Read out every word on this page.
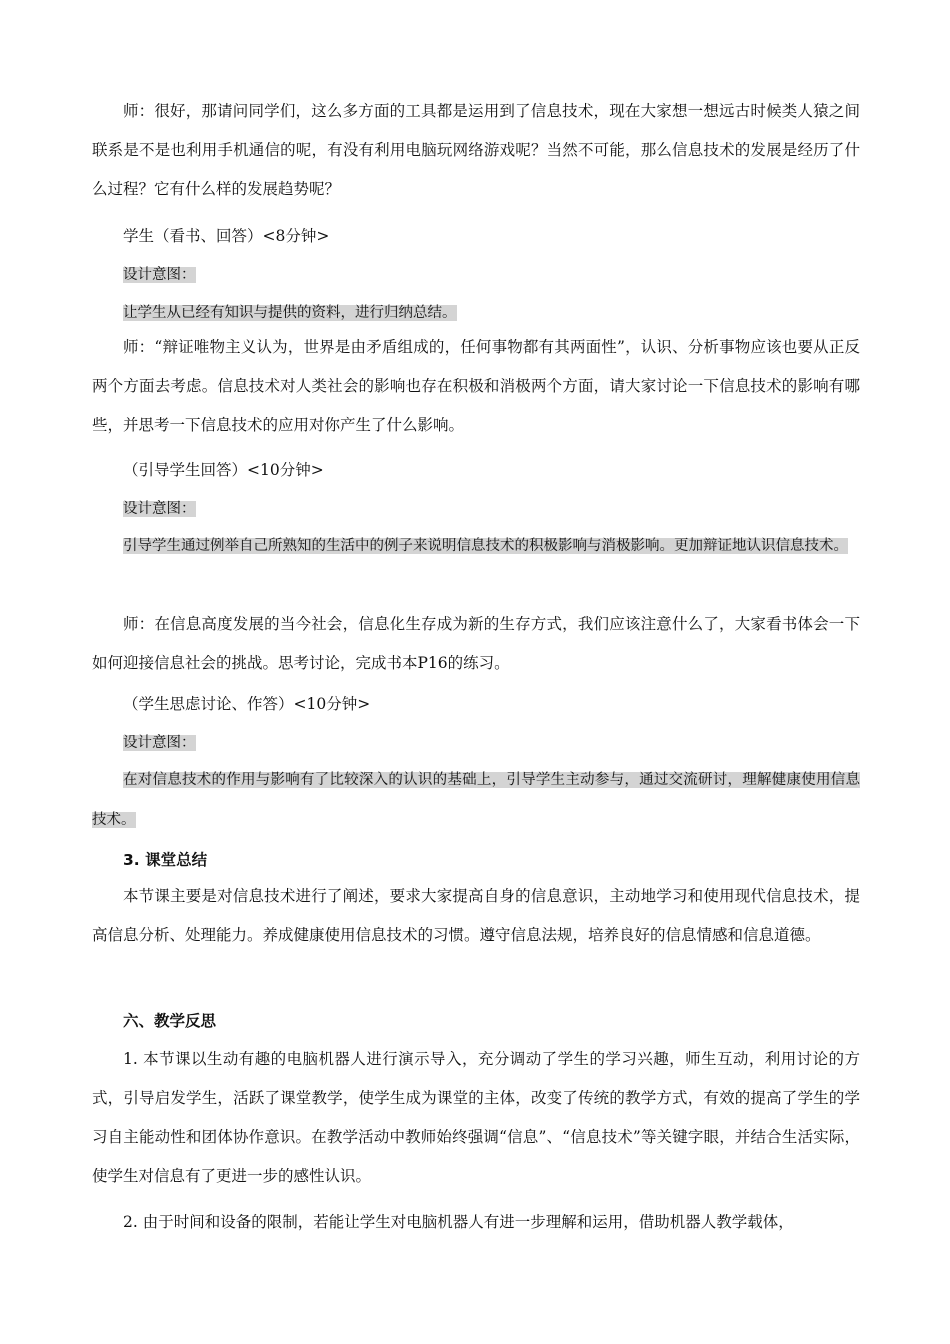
师：很好，那请问同学们，这么多方面的工具都是运用到了信息技术，现在大家想一想远古时候类人猿之间联系是不是也利用手机通信的呢，有没有利用电脑玩网络游戏呢？当然不可能，那么信息技术的发展是经历了什么过程？它有什么样的发展趋势呢？
学生（看书、回答）<8分钟>
设计意图：
让学生从已经有知识与提供的资料，进行归纳总结。
师：“辩证唯物主义认为，世界是由矛盾组成的，任何事物都有其两面性”，认识、分析事物应该也要从正反两个方面去考虑。信息技术对人类社会的影响也存在积极和消极两个方面，请大家讨论一下信息技术的影响有哪些，并思考一下信息技术的应用对你产生了什么影响。
（引导学生回答）<10分钟>
设计意图：
引导学生通过例举自己所熟知的生活中的例子来说明信息技术的积极影响与消极影响。更加辩证地认识信息技术。
师：在信息高度发展的当今社会，信息化生存成为新的生存方式，我们应该注意什么了，大家看书体会一下如何迎接信息社会的挑战。思考讨论，完成书本P16的练习。
（学生思虑讨论、作答）<10分钟>
设计意图：
在对信息技术的作用与影响有了比较深入的认识的基础上，引导学生主动参与，通过交流研讨，理解健康使用信息技术。
3. 课堂总结
本节课主要是对信息技术进行了阐述，要求大家提高自身的信息意识，主动地学习和使用现代信息技术，提高信息分析、处理能力。养成健康使用信息技术的习惯。遵守信息法规，培养良好的信息情感和信息道德。
六、教学反思
1. 本节课以生动有趣的电脑机器人进行演示导入，充分调动了学生的学习兴趣，师生互动，利用讨论的方式，引导启发学生，活跃了课堂教学，使学生成为课堂的主体，改变了传统的教学方式，有效的提高了学生的学习自主能动性和团体协作意识。在教学活动中教师始终强调“信息”、“信息技术”等关键字眼，并结合生活实际，使学生对信息有了更进一步的感性认识。
2. 由于时间和设备的限制，若能让学生对电脑机器人有进一步理解和运用，借助机器人教学载体，
